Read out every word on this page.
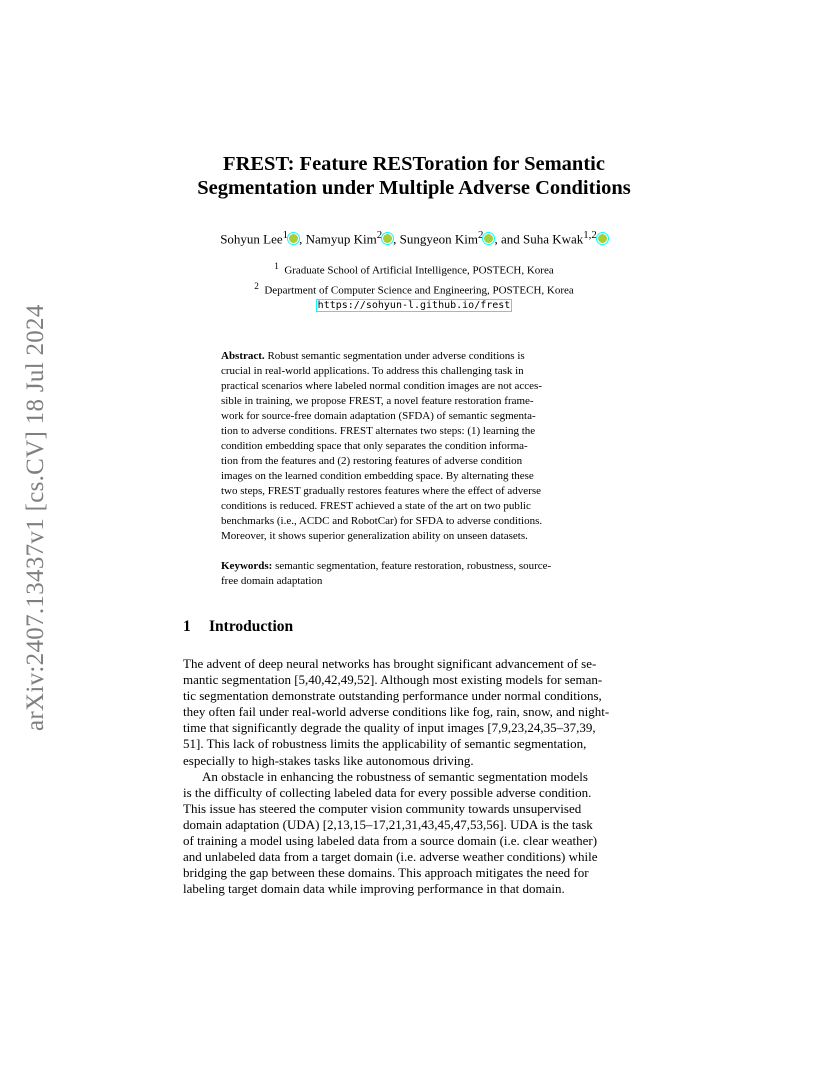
arXiv:2407.13437v1 [cs.CV] 18 Jul 2024
FREST: Feature RESToration for Semantic
Segmentation under Multiple Adverse Conditions
Sohyun Lee$^1$ , Namyup Kim$^2$ , Sungyeon Kim$^2$ , and Suha Kwak$^{1,2}$
$^1$ Graduate School of Artificial Intelligence, POSTECH, Korea
$^2$ Department of Computer Science and Engineering, POSTECH, Korea
https://sohyun-l.github.io/frest
Abstract. Robust semantic segmentation under adverse conditions is
crucial in real-world applications. To address this challenging task in
practical scenarios where labeled normal condition images are not acces-
sible in training, we propose FREST, a novel feature restoration frame-
work for source-free domain adaptation (SFDA) of semantic segmenta-
tion to adverse conditions. FREST alternates two steps: (1) learning the
condition embedding space that only separates the condition informa-
tion from the features and (2) restoring features of adverse condition
images on the learned condition embedding space. By alternating these
two steps, FREST gradually restores features where the effect of adverse
conditions is reduced. FREST achieved a state of the art on two public
benchmarks (i.e., ACDC and RobotCar) for SFDA to adverse conditions.
Moreover, it shows superior generalization ability on unseen datasets.
Keywords: semantic segmentation, feature restoration, robustness, source-
free domain adaptation
1 Introduction
The advent of deep neural networks has brought significant advancement of se-
mantic segmentation [5,40,42,49,52]. Although most existing models for seman-
tic segmentation demonstrate outstanding performance under normal conditions,
they often fail under real-world adverse conditions like fog, rain, snow, and night-
time that significantly degrade the quality of input images [7,9,23,24,35–37,39,
51]. This lack of robustness limits the applicability of semantic segmentation,
especially to high-stakes tasks like autonomous driving.
An obstacle in enhancing the robustness of semantic segmentation models
is the difficulty of collecting labeled data for every possible adverse condition.
This issue has steered the computer vision community towards unsupervised
domain adaptation (UDA) [2,13,15–17,21,31,43,45,47,53,56]. UDA is the task
of training a model using labeled data from a source domain (i.e. clear weather)
and unlabeled data from a target domain (i.e. adverse weather conditions) while
bridging the gap between these domains. This approach mitigates the need for
labeling target domain data while improving performance in that domain.
